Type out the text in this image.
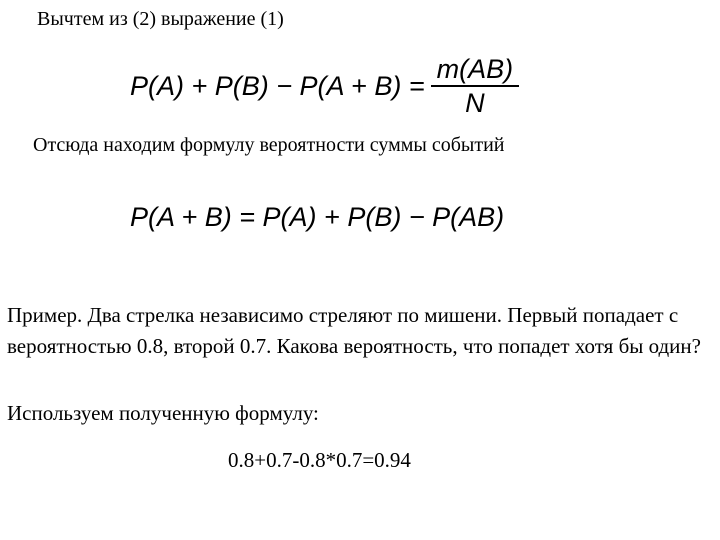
Вычтем из (2) выражение (1)
$P(A) + P(B) - P(A + B) = \frac{m(AB)}{N}$
Отсюда находим формулу вероятности суммы событий
P(A + B) = P(A) + P(B) − P(AB)
Пример. Два стрелка независимо стреляют по мишени. Первый попадает с вероятностью 0.8, второй 0.7. Какова вероятность, что попадет хотя бы один?
Используем полученную формулу:
0.8+0.7-0.8*0.7=0.94
